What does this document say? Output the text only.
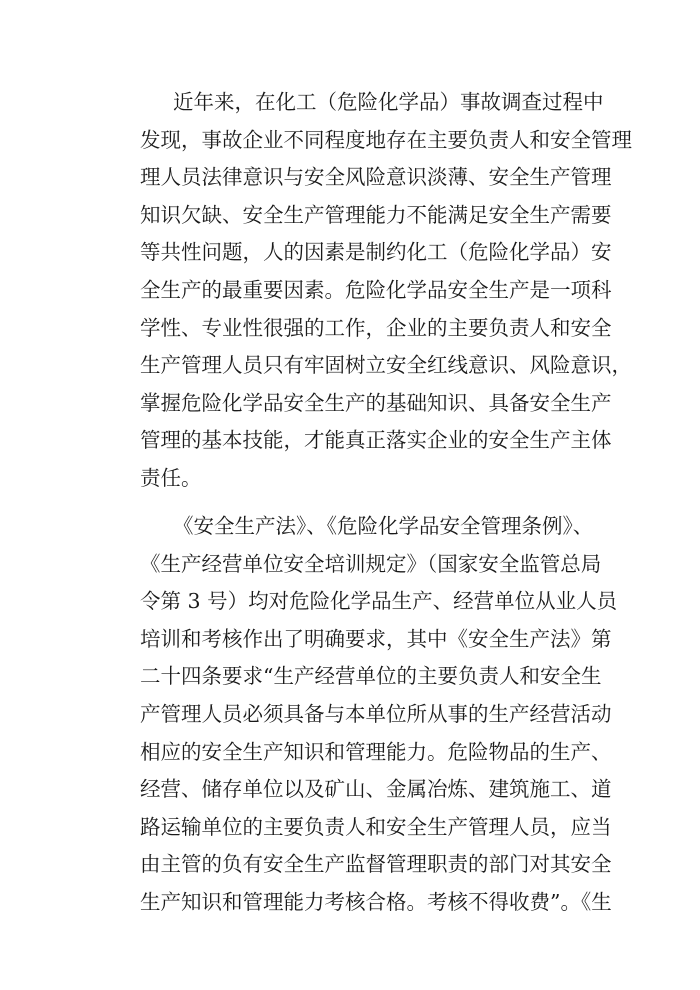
近年来，在化工（危险化学品）事故调查过程中
发现，事故企业不同程度地存在主要负责人和安全管理
理人员法律意识与安全风险意识淡薄、安全生产管理
知识欠缺、安全生产管理能力不能满足安全生产需要
等共性问题，人的因素是制约化工（危险化学品）安
全生产的最重要因素。危险化学品安全生产是一项科
学性、专业性很强的工作，企业的主要负责人和安全
生产管理人员只有牢固树立安全红线意识、风险意识，
掌握危险化学品安全生产的基础知识、具备安全生产
管理的基本技能，才能真正落实企业的安全生产主体
责任。
《安全生产法》、《危险化学品安全管理条例》、
《生产经营单位安全培训规定》（国家安全监管总局
令第 3 号）均对危险化学品生产、经营单位从业人员
培训和考核作出了明确要求，其中《安全生产法》第
二十四条要求“生产经营单位的主要负责人和安全生
产管理人员必须具备与本单位所从事的生产经营活动
相应的安全生产知识和管理能力。危险物品的生产、
经营、储存单位以及矿山、金属冶炼、建筑施工、道
路运输单位的主要负责人和安全生产管理人员，应当
由主管的负有安全生产监督管理职责的部门对其安全
生产知识和管理能力考核合格。考核不得收费”。《生
